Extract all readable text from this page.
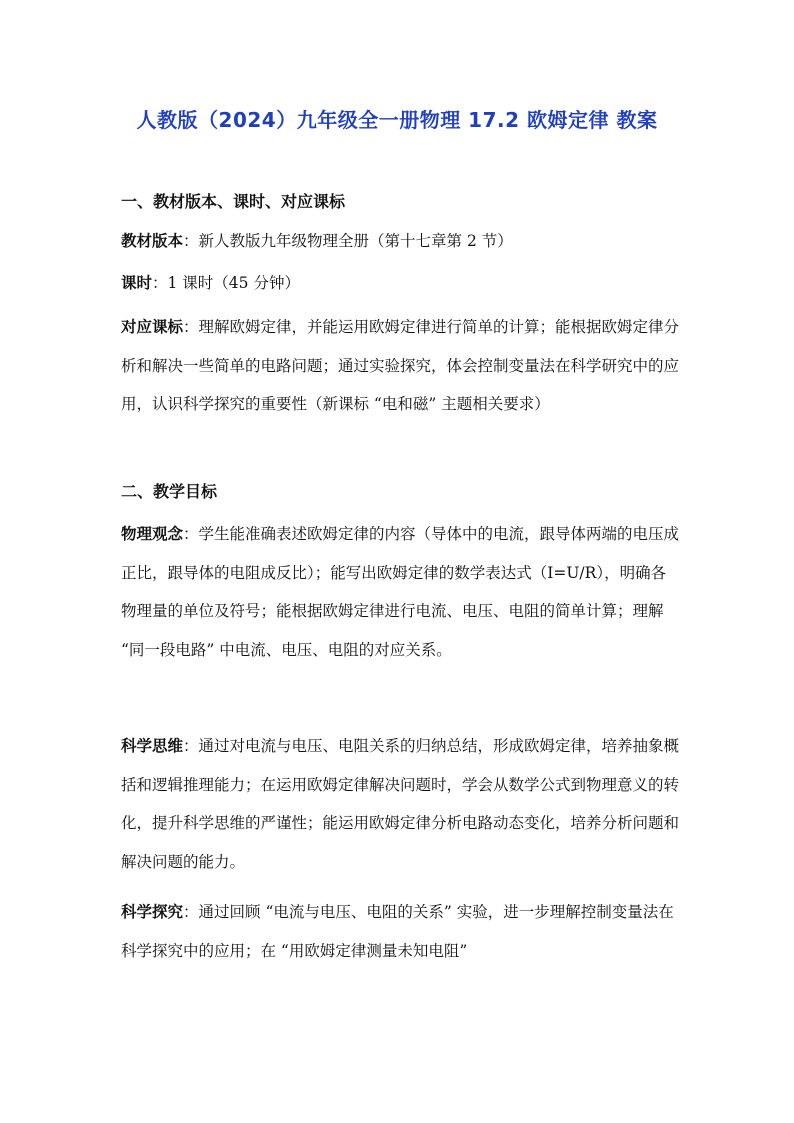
人教版（2024）九年级全一册物理 17.2 欧姆定律 教案
一、教材版本、课时、对应课标

教材版本：新人教版九年级物理全册（第十七章第 2 节）

课时：1 课时（45 分钟）

对应课标：理解欧姆定律，并能运用欧姆定律进行简单的计算；能根据欧姆定律分析和解决一些简单的电路问题；通过实验探究，体会控制变量法在科学研究中的应用，认识科学探究的重要性（新课标 “电和磁” 主题相关要求）

二、教学目标

物理观念：学生能准确表述欧姆定律的内容（导体中的电流，跟导体两端的电压成正比，跟导体的电阻成反比）；能写出欧姆定律的数学表达式（I=U/R），明确各物理量的单位及符号；能根据欧姆定律进行电流、电压、电阻的简单计算；理解 “同一段电路” 中电流、电压、电阻的对应关系。

科学思维：通过对电流与电压、电阻关系的归纳总结，形成欧姆定律，培养抽象概括和逻辑推理能力；在运用欧姆定律解决问题时，学会从数学公式到物理意义的转化，提升科学思维的严谨性；能运用欧姆定律分析电路动态变化，培养分析问题和解决问题的能力。

科学探究：通过回顾 “电流与电压、电阻的关系” 实验，进一步理解控制变量法在科学探究中的应用；在 “用欧姆定律测量未知电阻”
